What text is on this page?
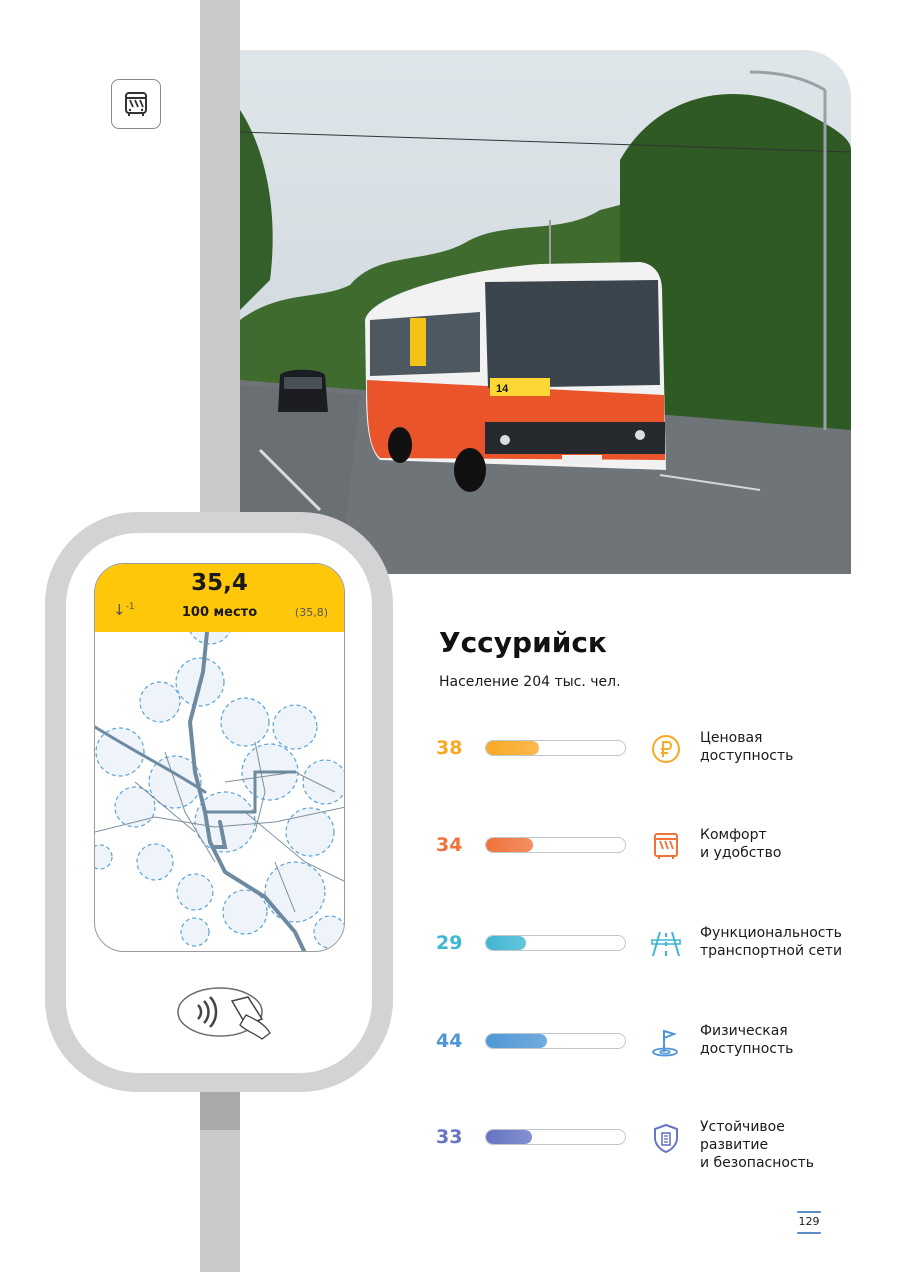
14
35,4
↓$^{-1}$	100 место	(35,8)
Уссурийск
Население 204 тыс. чел.
38	Ценовая
доступность
34	Комфорт
и удобство
29	Функциональность
транспортной сети
44	Физическая
доступность
33	Устойчивое
развитие
и безопасность
129
